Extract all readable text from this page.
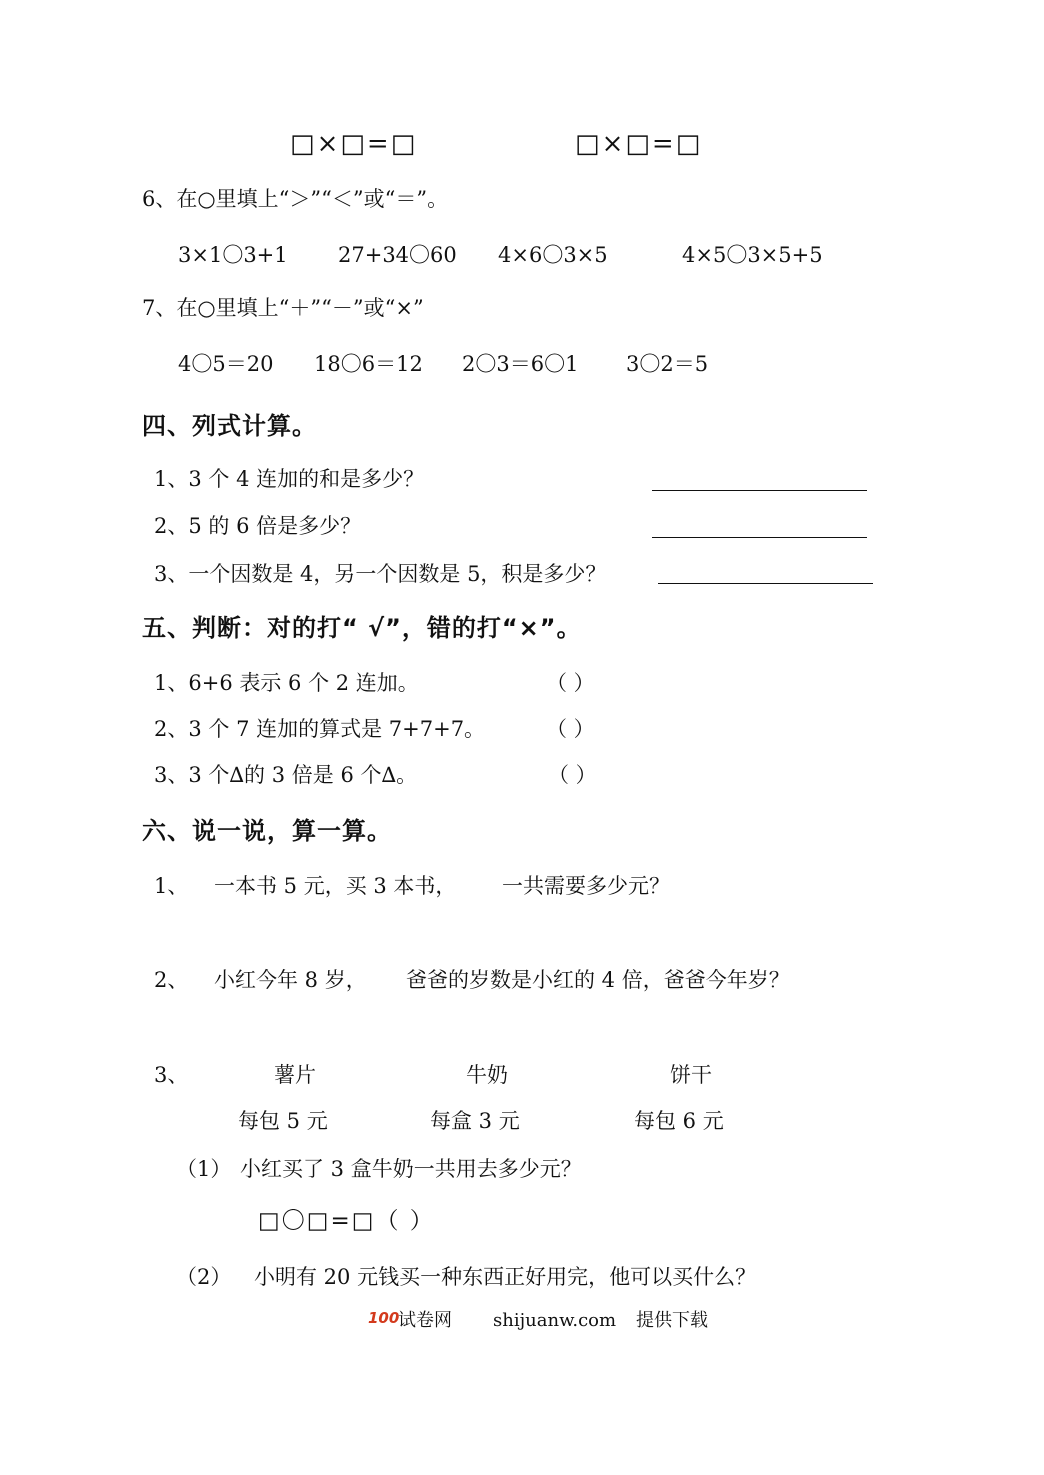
□×□=□	□×□=□
6、在○里填上“＞”“＜”或“＝”。
3×1〇3+1 27+34〇60 4×6〇3×5	4×5〇3×5+5
7、在○里填上“＋”“－”或“×”
4〇5＝20 18〇6＝12 2〇3＝6〇1 3〇2＝5
四、列式计算。
1、3 个 4 连加的和是多少？
2、5 的 6 倍是多少？
3、一个因数是 4，另一个因数是 5，积是多少？
五、判断：对的打“ √”，错的打“×”。
1、6+6 表示 6 个 2 连加。	（ ）
2、3 个 7 连加的算式是 7+7+7。	（ ）
3、3 个∆的 3 倍是 6 个∆。	（ ）
六、说一说，算一算。
1、 一本书 5 元，买 3 本书， 一共需要多少元？
2、 小红今年 8 岁， 爸爸的岁数是小红的 4 倍，爸爸今年岁？
3、	薯片	牛奶	饼干
每包 5 元	每盒 3 元	每包 6 元
（1） 小红买了 3 盒牛奶一共用去多少元？
□〇□=□（ ）
（2） 小明有 20 元钱买一种东西正好用完，他可以买什么？
100
试卷网 shijuanw.com 提供下载
